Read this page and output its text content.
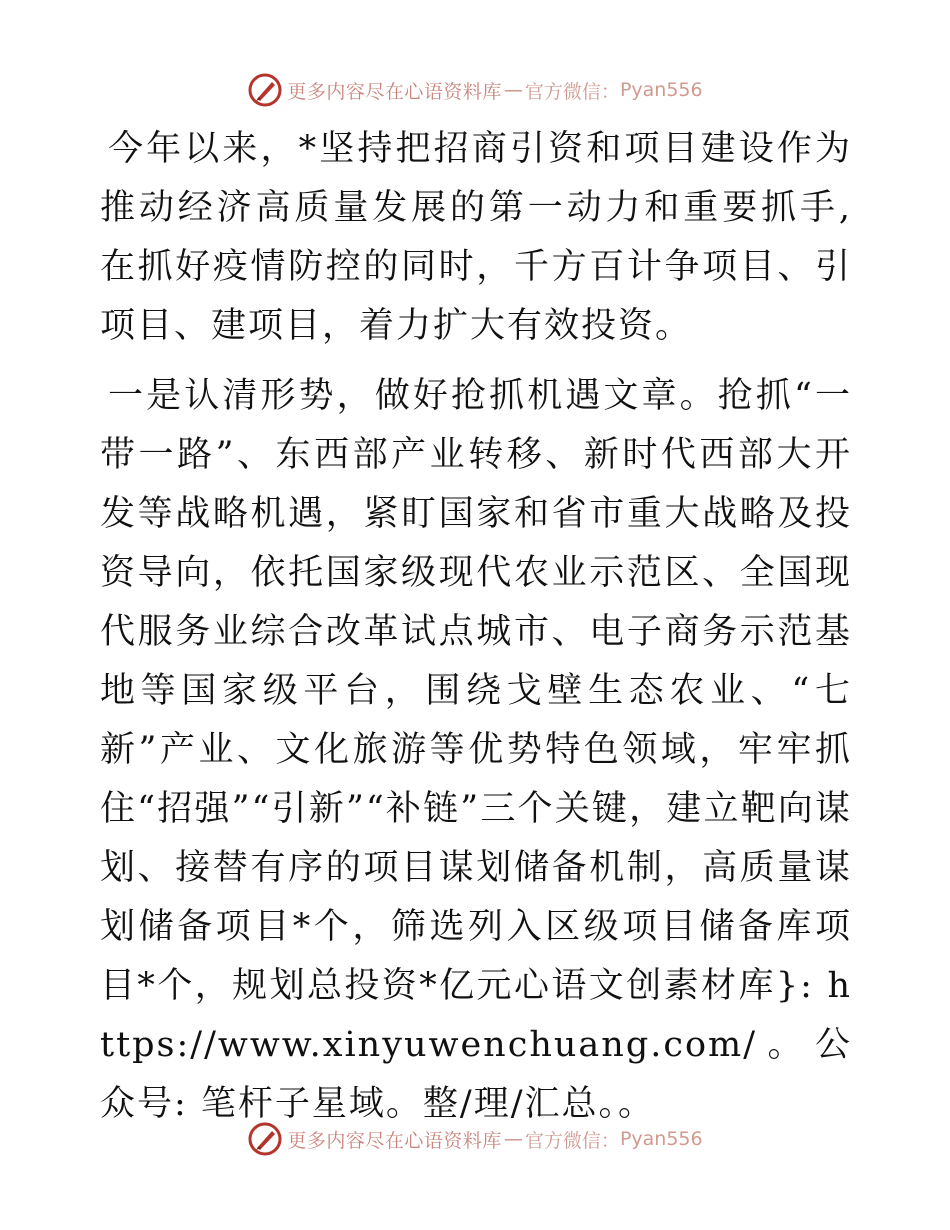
更多内容尽在心语资料库 — 官方微信： Pyan556

今年以来，*坚持把招商引资和项目建设作为推动经济高质量发展的第一动力和重要抓手,在抓好疫情防控的同时，千方百计争项目、引项目、建项目，着力扩大有效投资。

一是认清形势，做好抢抓机遇文章。抢抓“一带一路”、东西部产业转移、新时代西部大开发等战略机遇，紧盯国家和省市重大战略及投资导向，依托国家级现代农业示范区、全国现代服务业综合改革试点城市、电子商务示范基地等国家级平台，围绕戈壁生态农业、“七新”产业、文化旅游等优势特色领域，牢牢抓住“招强”“引新”“补链”三个关键，建立靶向谋划、接替有序的项目谋划储备机制，高质量谋划储备项目*个，筛选列入区级项目储备库项目*个，规划总投资*亿元心语文创素材库}: https://www.xinyuwenchuang.com/。公众号: 笔杆子星域。整/理/汇总。。

更多内容尽在心语资料库 — 官方微信： Pyan556
